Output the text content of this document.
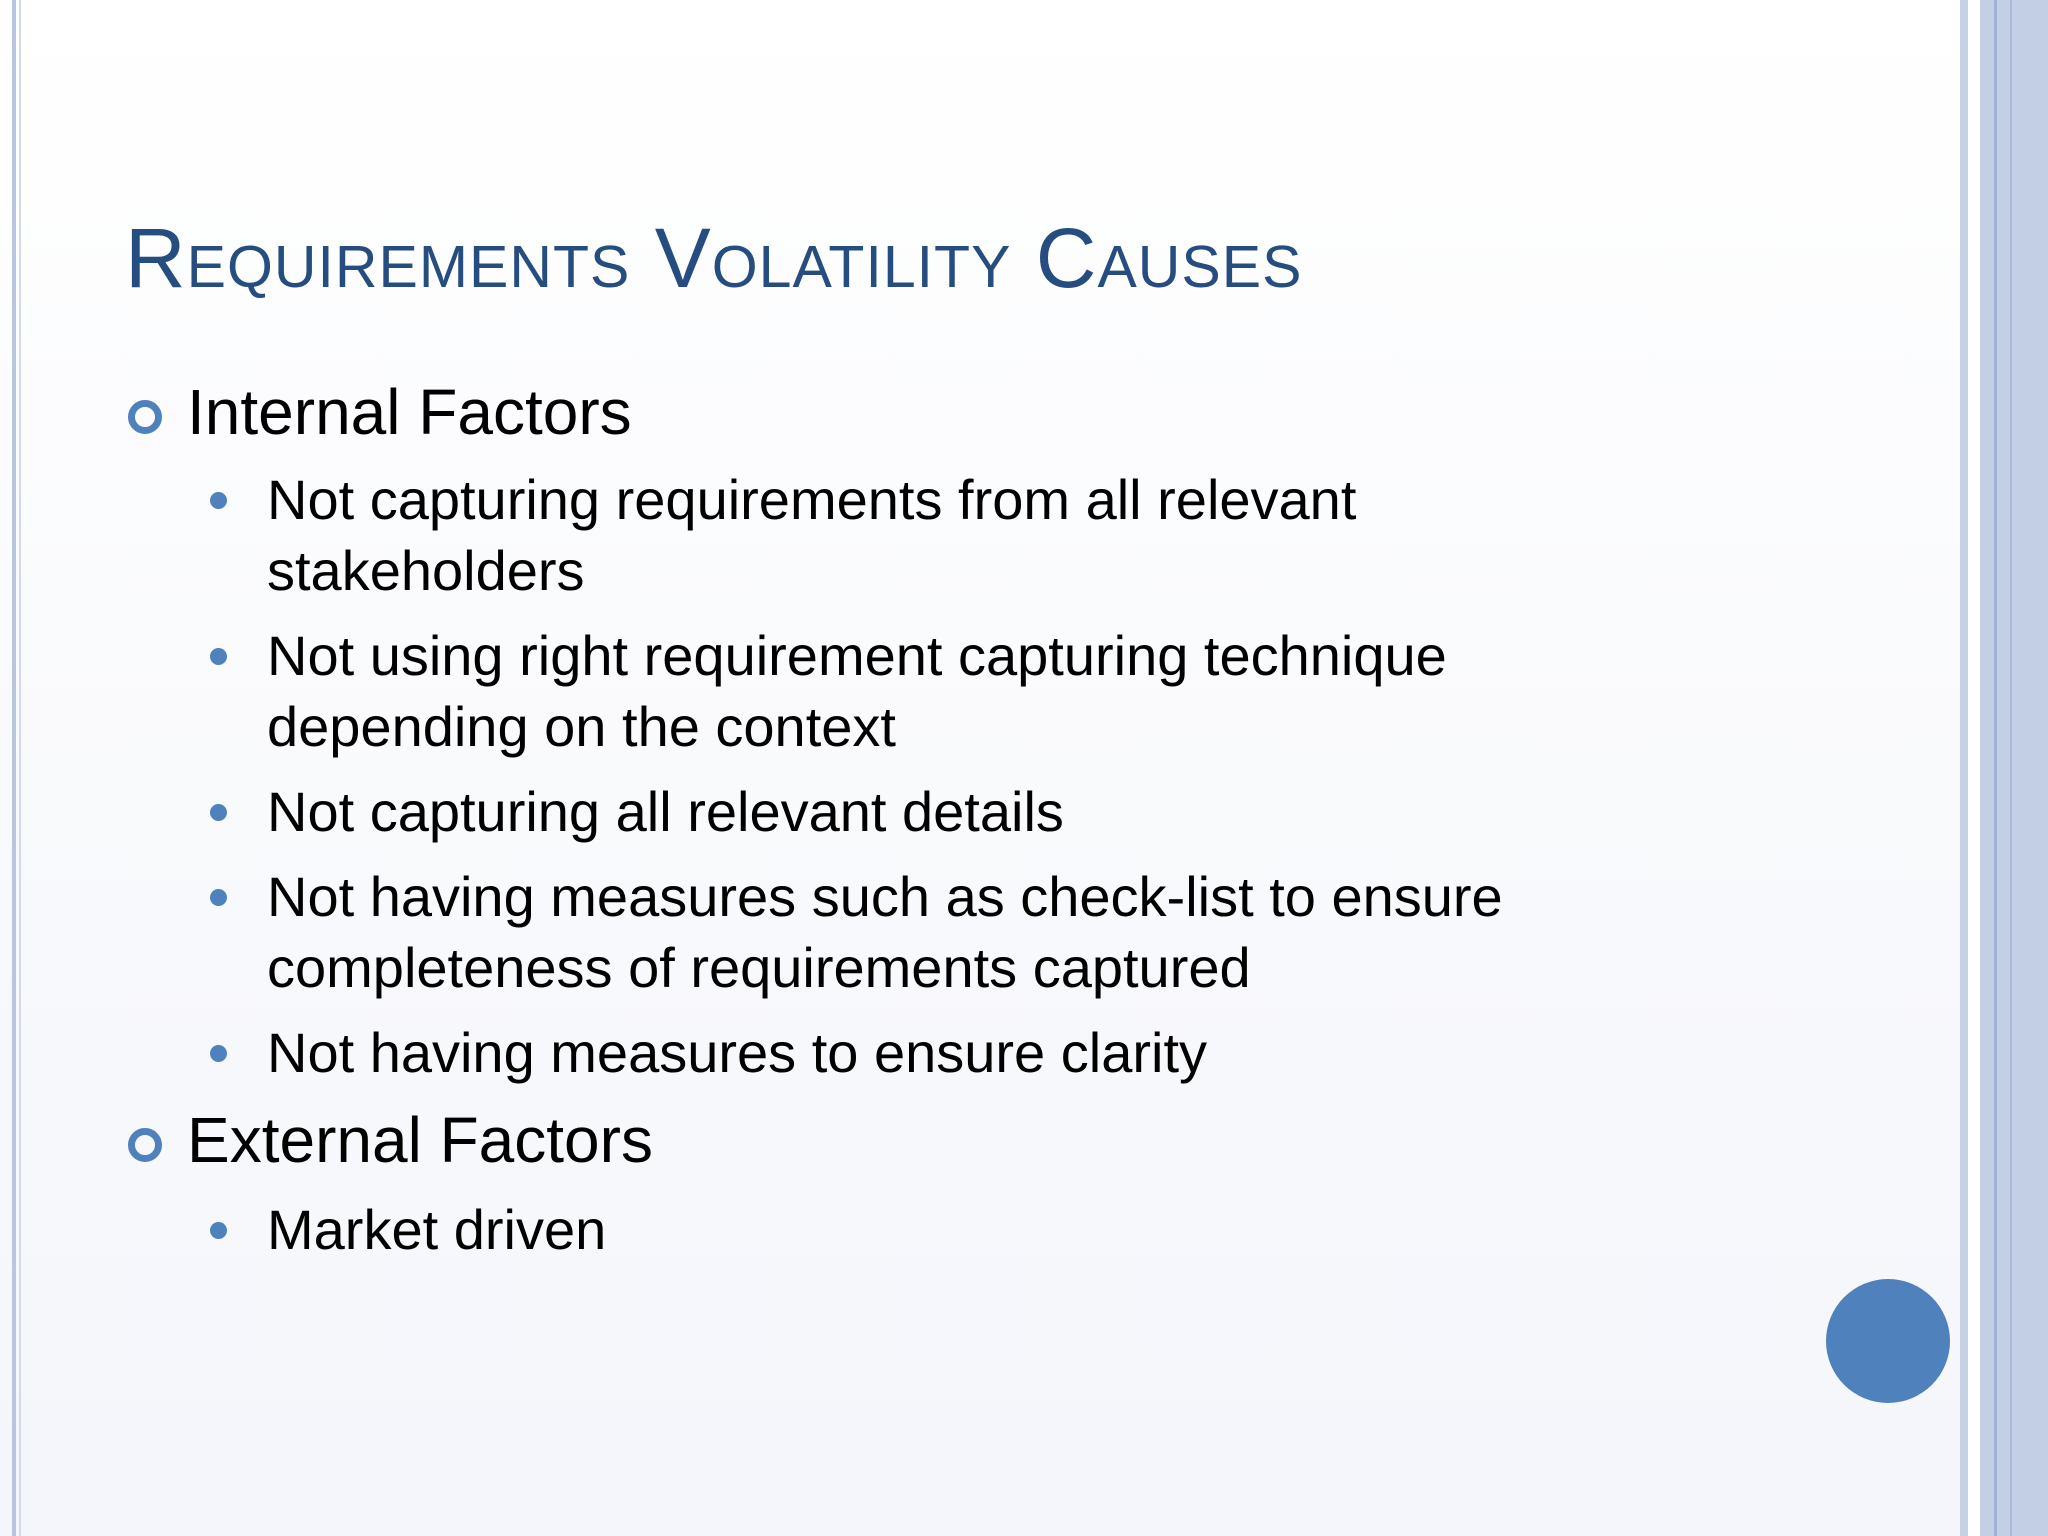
Requirements Volatility Causes
Internal Factors
Not capturing requirements from all relevant stakeholders
Not using right requirement capturing technique depending on the context
Not capturing all relevant details
Not having measures such as check-list to ensure completeness of requirements captured
Not having measures to ensure clarity
External Factors
Market driven
